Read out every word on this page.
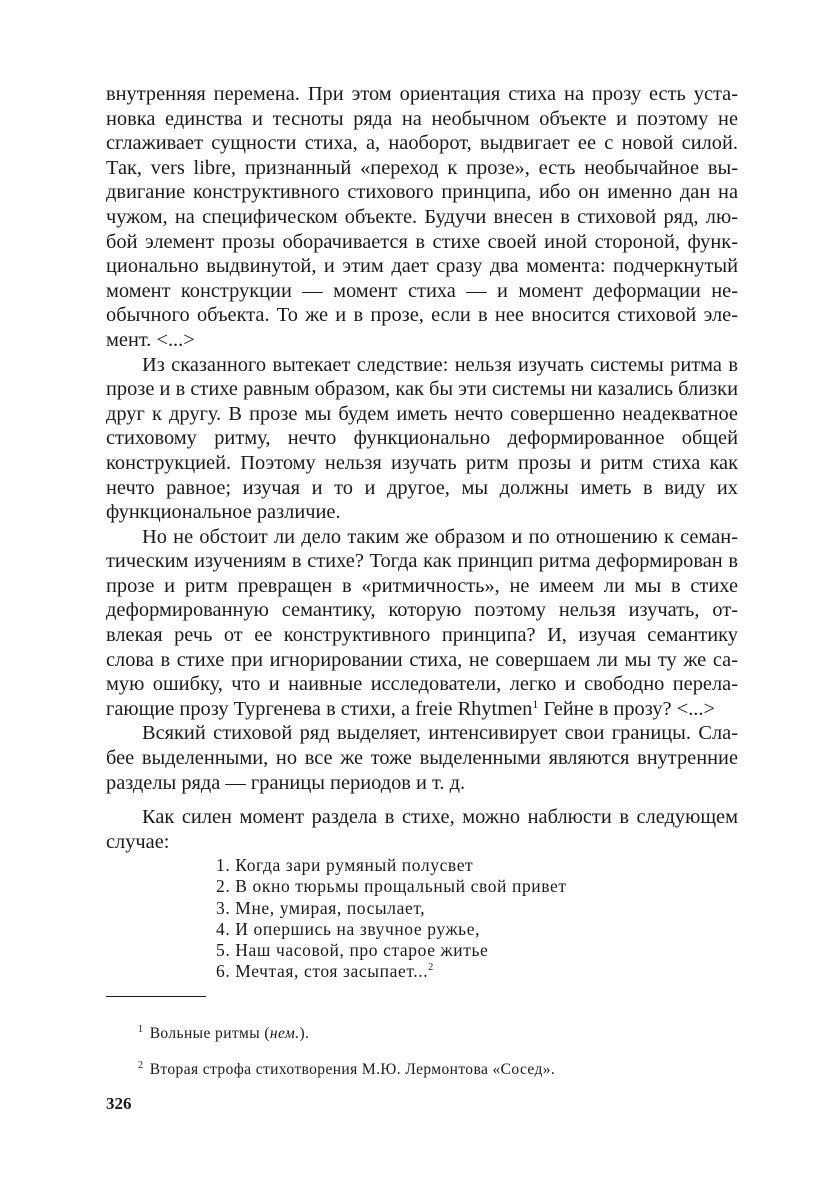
внутренняя перемена. При этом ориентация стиха на прозу есть установка единства и тесноты ряда на необычном объекте и поэтому не сглаживает сущности стиха, а, наоборот, выдвигает ее с новой силой. Так, vers libre, признанный «переход к прозе», есть необычайное выдвигание конструктивного стихового принципа, ибо он именно дан на чужом, на специфическом объекте. Будучи внесен в стиховой ряд, любой элемент прозы оборачивается в стихе своей иной стороной, функционально выдвинутой, и этим дает сразу два момента: подчеркнутый момент конструкции — момент стиха — и момент деформации необычного объекта. То же и в прозе, если в нее вносится стиховой элемент. <...>

Из сказанного вытекает следствие: нельзя изучать системы ритма в прозе и в стихе равным образом, как бы эти системы ни казались близки друг к другу. В прозе мы будем иметь нечто совершенно неадекватное стиховому ритму, нечто функционально деформированное общей конструкцией. Поэтому нельзя изучать ритм прозы и ритм стиха как нечто равное; изучая и то и другое, мы должны иметь в виду их функциональное различие.

Но не обстоит ли дело таким же образом и по отношению к семантическим изучениям в стихе? Тогда как принцип ритма деформирован в прозе и ритм превращен в «ритмичность», не имеем ли мы в стихе деформированную семантику, которую поэтому нельзя изучать, отвлекая речь от ее конструктивного принципа? И, изучая семантику слова в стихе при игнорировании стиха, не совершаем ли мы ту же самую ошибку, что и наивные исследователи, легко и свободно перелагающие прозу Тургенева в стихи, а freie Rhytmen$^1$ Гейне в прозу? <...>

Всякий стиховой ряд выделяет, интенсивирует свои границы. Слабее выделенными, но все же тоже выделенными являются внутренние разделы ряда — границы периодов и т. д.

Как силен момент раздела в стихе, можно наблюсти в следующем случае:

1. Когда зари румяный полусвет
2. В окно тюрьмы прощальный свой привет
3. Мне, умирая, посылает,
4. И опершись на звучное ружье,
5. Наш часовой, про старое житье
6. Мечтая, стоя засыпает...$^2$
$^1$ Вольные ритмы (нем.).
$^2$ Вторая строфа стихотворения М.Ю. Лермонтова «Сосед».
326
